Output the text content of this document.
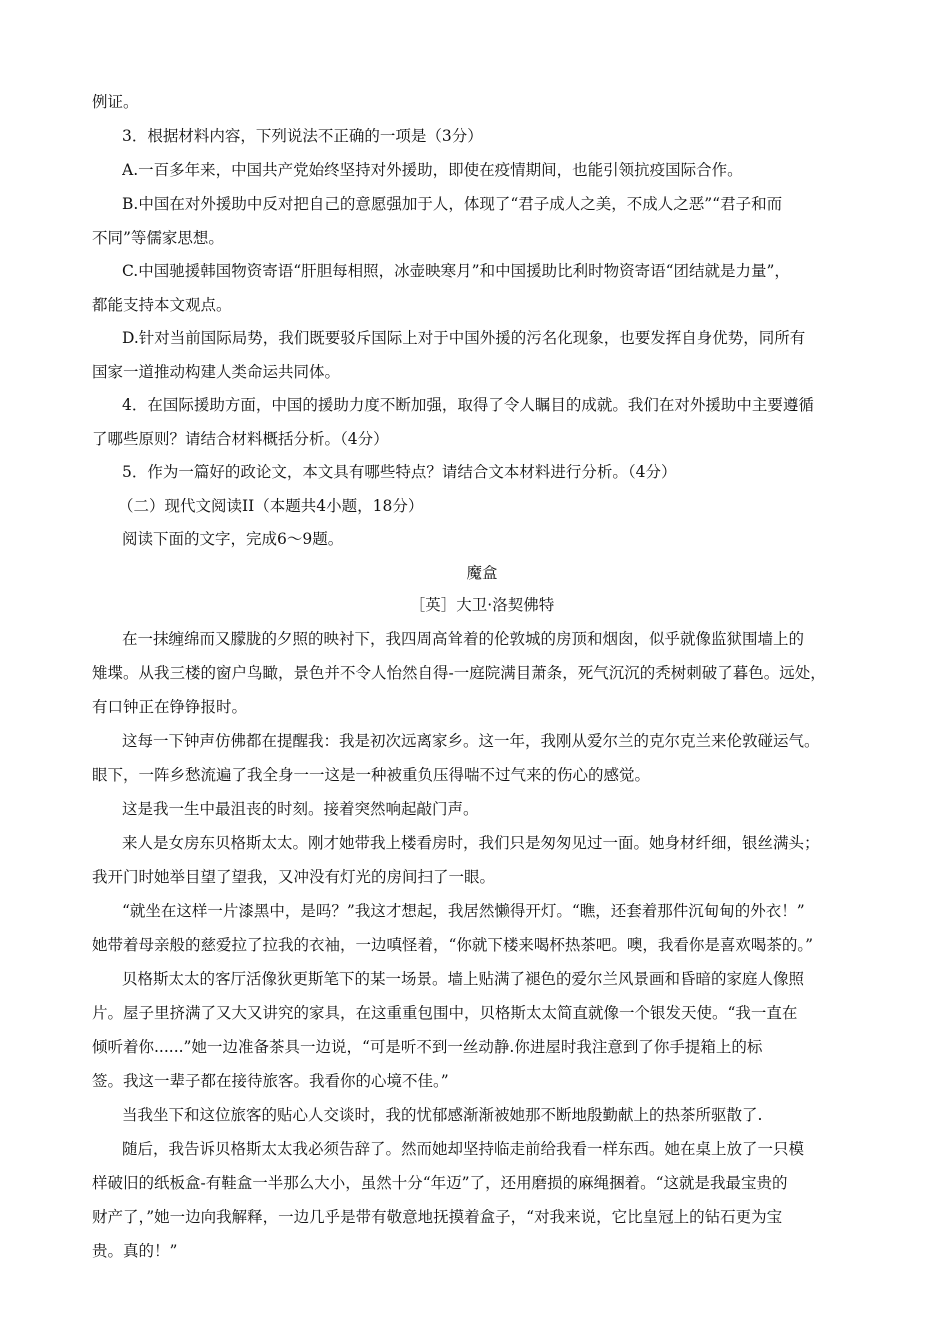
例证。
3．根据材料内容，下列说法不正确的一项是（3分）
A.一百多年来，中国共产党始终坚持对外援助，即使在疫情期间，也能引领抗疫国际合作。
B.中国在对外援助中反对把自己的意愿强加于人，体现了“君子成人之美，不成人之恶”“君子和而
不同”等儒家思想。
C.中国驰援韩国物资寄语“肝胆每相照，冰壶映寒月”和中国援助比利时物资寄语“团结就是力量”，
都能支持本文观点。
D.针对当前国际局势，我们既要驳斥国际上对于中国外援的污名化现象，也要发挥自身优势，同所有
国家一道推动构建人类命运共同体。
4．在国际援助方面，中国的援助力度不断加强，取得了令人瞩目的成就。我们在对外援助中主要遵循
了哪些原则？请结合材料概括分析。（4分）
5．作为一篇好的政论文，本文具有哪些特点？请结合文本材料进行分析。（4分）
（二）现代文阅读II（本题共4小题，18分）
阅读下面的文字，完成6～9题。
魔盒
［英］大卫·洛契佛特
在一抹缠绵而又朦胧的夕照的映衬下，我四周高耸着的伦敦城的房顶和烟囱，似乎就像监狱围墙上的
雉堞。从我三楼的窗户鸟瞰，景色并不令人怡然自得-一庭院满目萧条，死气沉沉的秃树刺破了暮色。远处，
有口钟正在铮铮报时。
这每一下钟声仿佛都在提醒我：我是初次远离家乡。这一年，我刚从爱尔兰的克尔克兰来伦敦碰运气。
眼下，一阵乡愁流遍了我全身一一这是一种被重负压得喘不过气来的伤心的感觉。
这是我一生中最沮丧的时刻。接着突然响起敲门声。
来人是女房东贝格斯太太。刚才她带我上楼看房时，我们只是匆匆见过一面。她身材纤细，银丝满头；
我开门时她举目望了望我，又冲没有灯光的房间扫了一眼。
“就坐在这样一片漆黑中，是吗？”我这才想起，我居然懒得开灯。“瞧，还套着那件沉甸甸的外衣！”
她带着母亲般的慈爱拉了拉我的衣袖，一边嗔怪着，“你就下楼来喝杯热茶吧。噢，我看你是喜欢喝茶的。”
贝格斯太太的客厅活像狄更斯笔下的某一场景。墙上贴满了褪色的爱尔兰风景画和昏暗的家庭人像照
片。屋子里挤满了又大又讲究的家具，在这重重包围中，贝格斯太太简直就像一个银发天使。“我一直在
倾听着你......”她一边准备茶具一边说，“可是听不到一丝动静.你进屋时我注意到了你手提箱上的标
签。我这一辈子都在接待旅客。我看你的心境不佳。”
当我坐下和这位旅客的贴心人交谈时，我的忧郁感渐渐被她那不断地殷勤献上的热茶所驱散了.
随后，我告诉贝格斯太太我必须告辞了。然而她却坚持临走前给我看一样东西。她在桌上放了一只模
样破旧的纸板盒-有鞋盒一半那么大小，虽然十分“年迈”了，还用磨损的麻绳捆着。“这就是我最宝贵的
财产了，”她一边向我解释，一边几乎是带有敬意地抚摸着盒子，“对我来说，它比皇冠上的钻石更为宝
贵。真的！”
